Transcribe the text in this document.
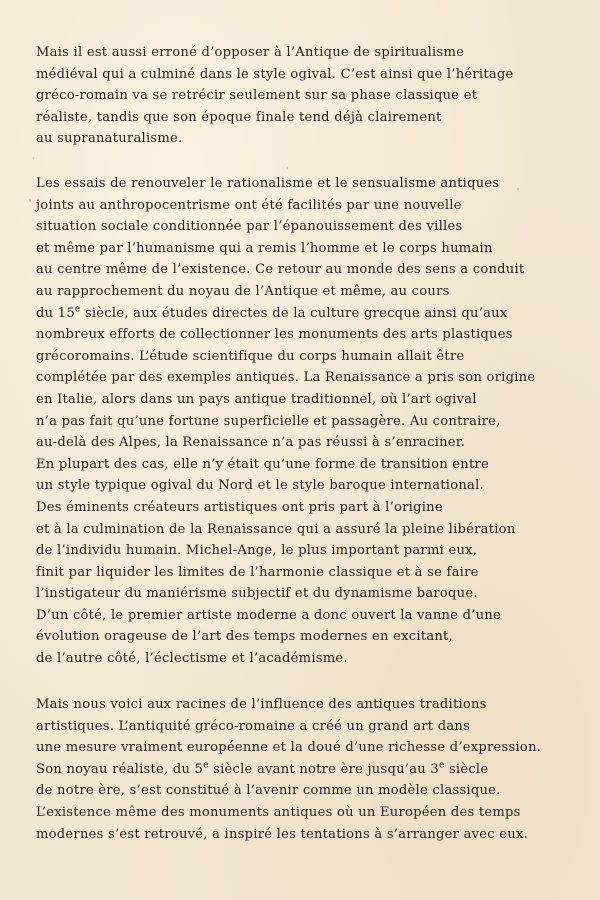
Mais il est aussi erroné d’opposer à l’Antique de spiritualisme
médiéval qui a culminé dans le style ogival. C’est ainsi que l’héritage
gréco-romain va se retrécir seulement sur sa phase classique et
réaliste, tandis que son époque finale tend déjà clairement
au supranaturalisme.
Les essais de renouveler le rationalisme et le sensualisme antiques
joints au anthropocentrisme ont été facilités par une nouvelle
situation sociale conditionnée par l’épanouissement des villes
et même par l’humanisme qui a remis l’homme et le corps humain
au centre même de l’existence. Ce retour au monde des sens a conduit
au rapprochement du noyau de l’Antique et même, au cours
du 15e siècle, aux études directes de la culture grecque ainsi qu’aux
nombreux efforts de collectionner les monuments des arts plastiques
grécoromains. L’étude scientifique du corps humain allait être
complétée par des exemples antiques. La Renaissance a pris son origine
en Italie, alors dans un pays antique traditionnel, où l’art ogival
n’a pas fait qu’une fortune superficielle et passagère. Au contraire,
au-delà des Alpes, la Renaissance n’a pas réussi à s’enraciner.
En plupart des cas, elle n’y était qu’une forme de transition entre
un style typique ogival du Nord et le style baroque international.
Des éminents créateurs artistiques ont pris part à l’origine
et à la culmination de la Renaissance qui a assuré la pleine libération
de l’individu humain. Michel-Ange, le plus important parmi eux,
finit par liquider les limites de l’harmonie classique et à se faire
l’instigateur du maniérisme subjectif et du dynamisme baroque.
D’un côté, le premier artiste moderne a donc ouvert la vanne d’une
évolution orageuse de l’art des temps modernes en excitant,
de l’autre côté, l’éclectisme et l’académisme.
Mais nous voici aux racines de l’influence des antiques traditions
artistiques. L’antiquité gréco-romaine a créé un grand art dans
une mesure vraiment européenne et la doué d’une richesse d’expression.
Son noyau réaliste, du 5e siècle avant notre ère jusqu’au 3e siècle
de notre ère, s’est constitué à l’avenir comme un modèle classique.
L’existence même des monuments antiques où un Européen des temps
modernes s’est retrouvé, a inspiré les tentations à s’arranger avec eux.
